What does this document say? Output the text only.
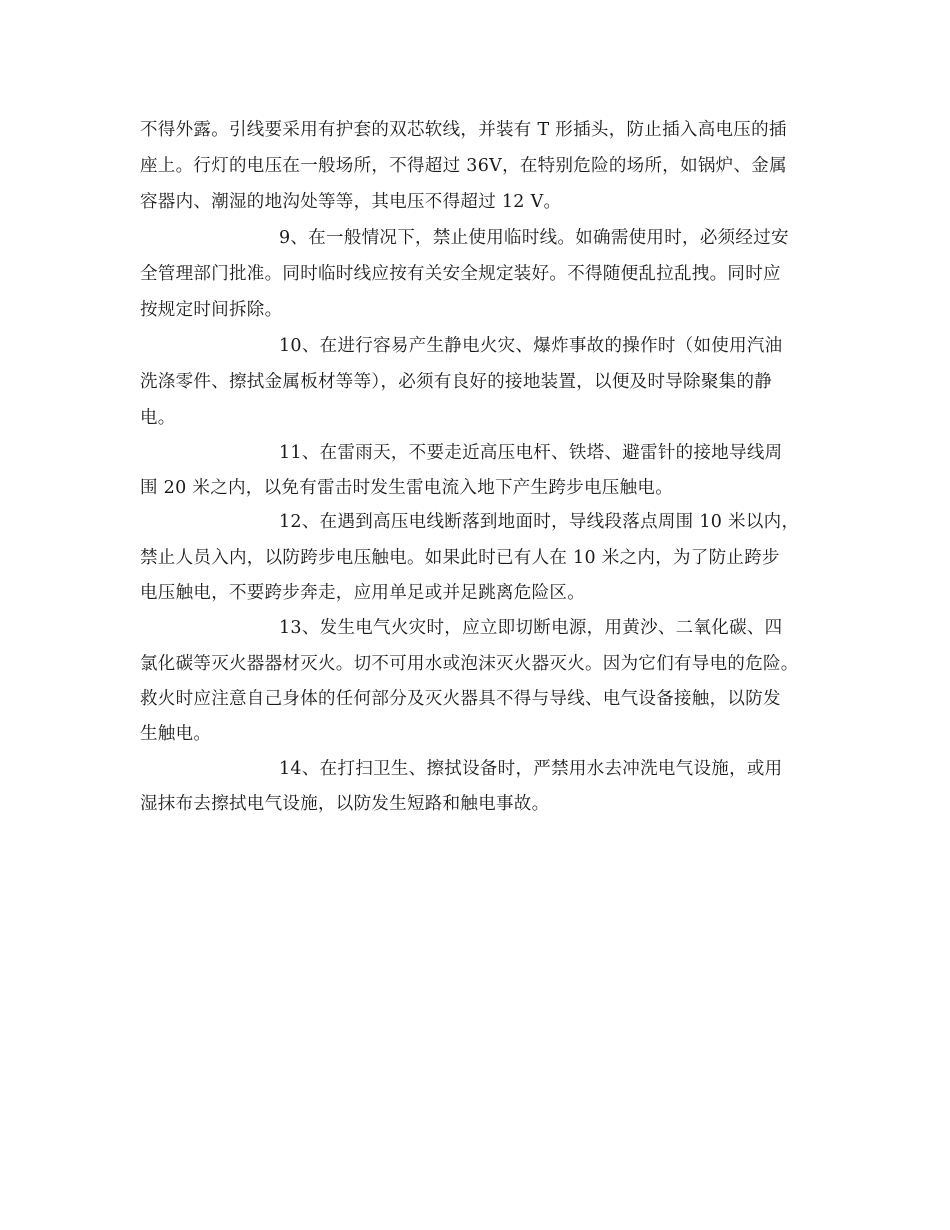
不得外露。引线要采用有护套的双芯软线，并装有 T 形插头，防止插入高电压的插
座上。行灯的电压在一般场所，不得超过 36V，在特别危险的场所，如锅炉、金属
容器内、潮湿的地沟处等等，其电压不得超过 12 V。
9、在一般情况下，禁止使用临时线。如确需使用时，必须经过安
全管理部门批准。同时临时线应按有关安全规定装好。不得随便乱拉乱拽。同时应
按规定时间拆除。
10、在进行容易产生静电火灾、爆炸事故的操作时（如使用汽油
洗涤零件、擦拭金属板材等等），必须有良好的接地装置，以便及时导除聚集的静
电。
11、在雷雨天，不要走近高压电杆、铁塔、避雷针的接地导线周
围 20 米之内，以免有雷击时发生雷电流入地下产生跨步电压触电。
12、在遇到高压电线断落到地面时，导线段落点周围 10 米以内，
禁止人员入内，以防跨步电压触电。如果此时已有人在 10 米之内，为了防止跨步
电压触电，不要跨步奔走，应用单足或并足跳离危险区。
13、发生电气火灾时，应立即切断电源，用黄沙、二氧化碳、四
氯化碳等灭火器器材灭火。切不可用水或泡沫灭火器灭火。因为它们有导电的危险。
救火时应注意自己身体的任何部分及灭火器具不得与导线、电气设备接触，以防发
生触电。
14、在打扫卫生、擦拭设备时，严禁用水去冲洗电气设施，或用
湿抹布去擦拭电气设施，以防发生短路和触电事故。
